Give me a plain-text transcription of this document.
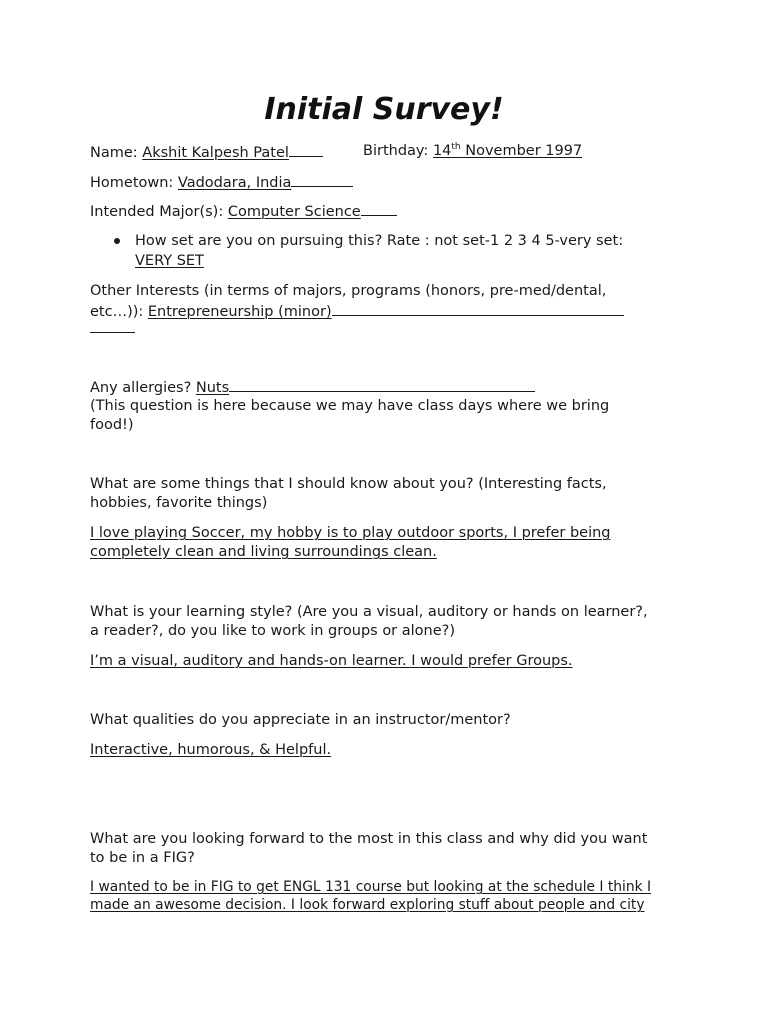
Initial Survey!
Name: Akshit Kalpesh Patel	Birthday: 14th November 1997
Hometown: Vadodara, India
Intended Major(s): Computer Science
How set are you on pursuing this? Rate : not set-1 2 3 4 5-very set:
VERY SET
Other Interests (in terms of majors, programs (honors, pre-med/dental,
etc…)): Entrepreneurship (minor)
Any allergies? Nuts
(This question is here because we may have class days where we bring
food!)
What are some things that I should know about you? (Interesting facts,
hobbies, favorite things)
I love playing Soccer, my hobby is to play outdoor sports, I prefer being
completely clean and living surroundings clean.
What is your learning style? (Are you a visual, auditory or hands on learner?,
a reader?, do you like to work in groups or alone?)
I’m a visual, auditory and hands-on learner. I would prefer Groups.
What qualities do you appreciate in an instructor/mentor?
Interactive, humorous, & Helpful.
What are you looking forward to the most in this class and why did you want
to be in a FIG?
I wanted to be in FIG to get ENGL 131 course but looking at the schedule I think I
made an awesome decision. I look forward exploring stuff about people and city
